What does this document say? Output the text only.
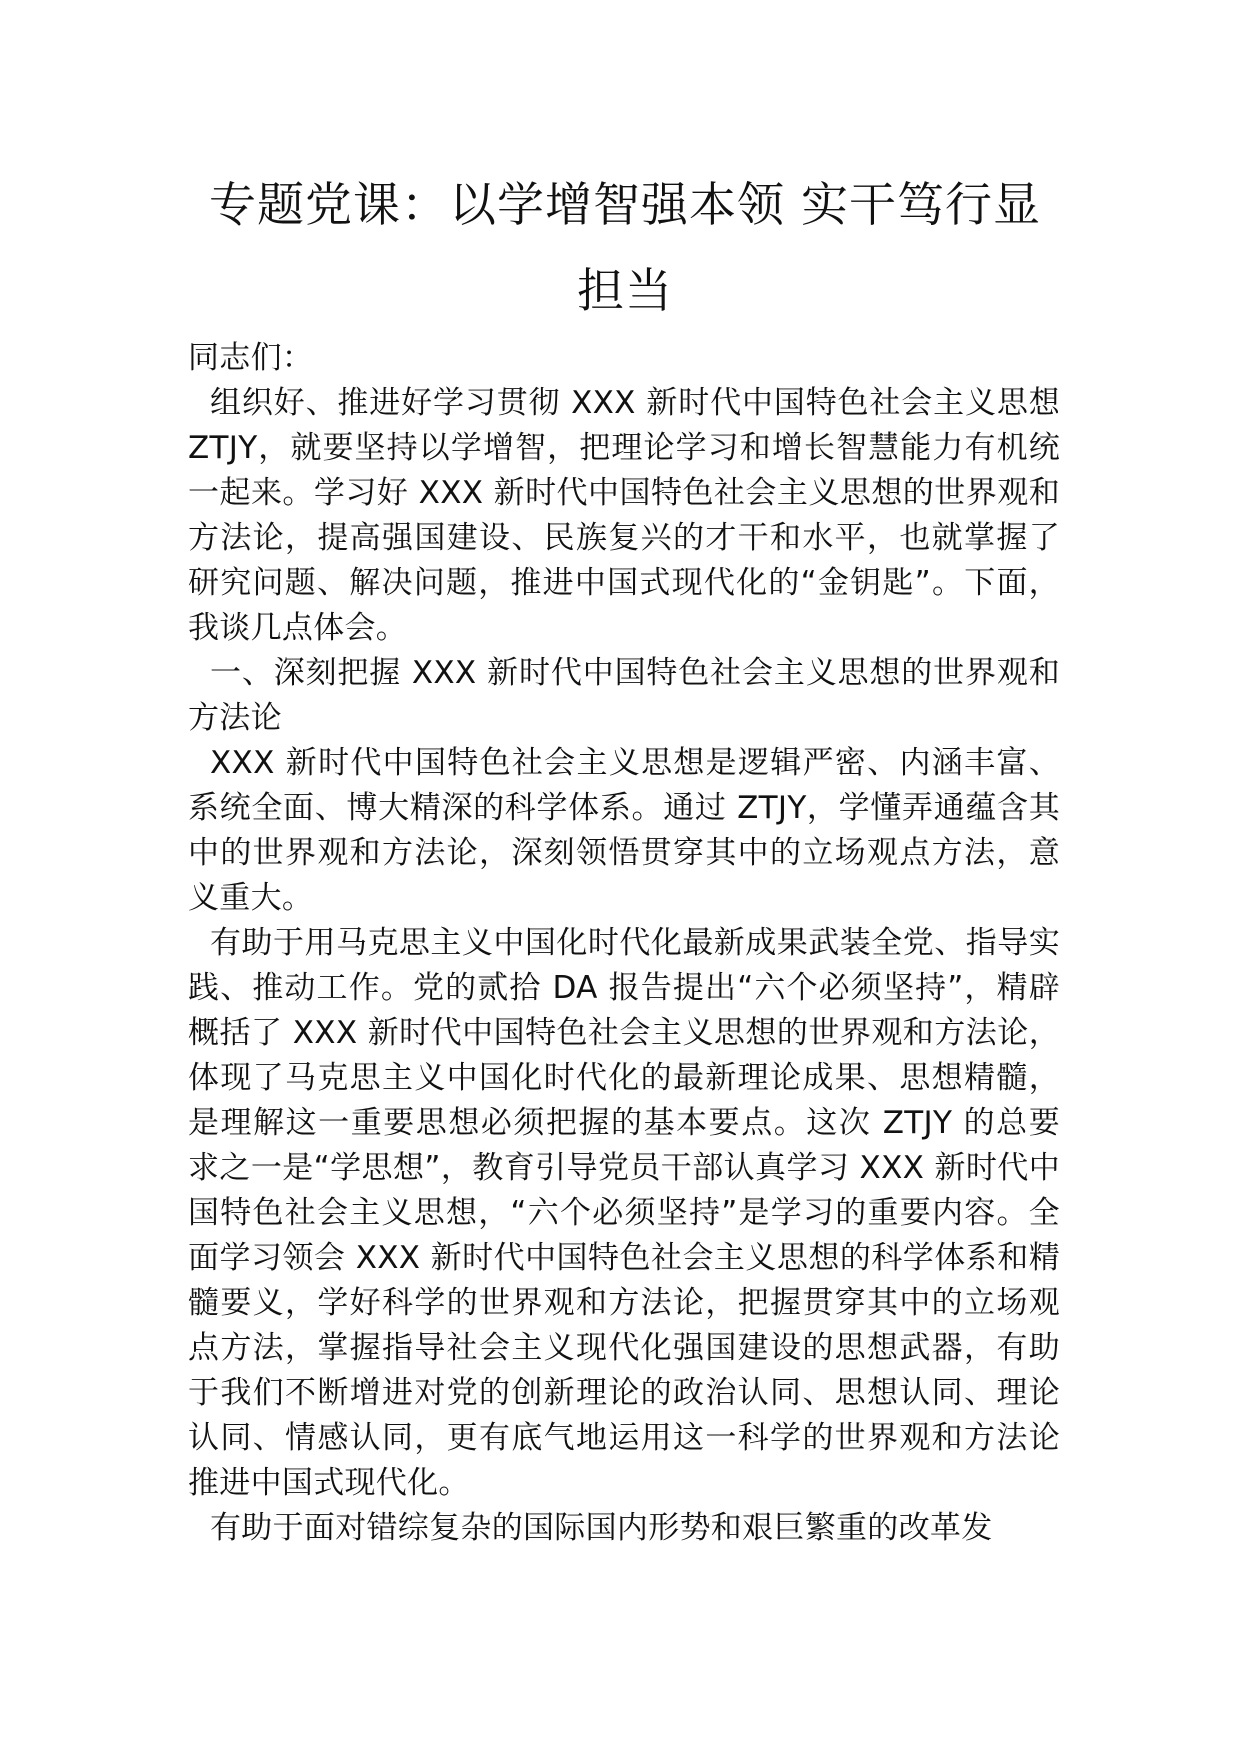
专题党课：以学增智强本领 实干笃行显担当

同志们：

组织好、推进好学习贯彻 XXX 新时代中国特色社会主义思想 ZTJY，就要坚持以学增智，把理论学习和增长智慧能力有机统一起来。学习好 XXX 新时代中国特色社会主义思想的世界观和方法论，提高强国建设、民族复兴的才干和水平，也就掌握了研究问题、解决问题，推进中国式现代化的“金钥匙”。下面，我谈几点体会。

一、深刻把握 XXX 新时代中国特色社会主义思想的世界观和方法论

XXX 新时代中国特色社会主义思想是逻辑严密、内涵丰富、系统全面、博大精深的科学体系。通过 ZTJY，学懂弄通蕴含其中的世界观和方法论，深刻领悟贯穿其中的立场观点方法，意义重大。

有助于用马克思主义中国化时代化最新成果武装全党、指导实践、推动工作。党的贰拾 DA 报告提出“六个必须坚持”，精辟概括了 XXX 新时代中国特色社会主义思想的世界观和方法论，体现了马克思主义中国化时代化的最新理论成果、思想精髓，是理解这一重要思想必须把握的基本要点。这次 ZTJY 的总要求之一是“学思想”，教育引导党员干部认真学习 XXX 新时代中国特色社会主义思想，“六个必须坚持”是学习的重要内容。全面学习领会 XXX 新时代中国特色社会主义思想的科学体系和精髓要义，学好科学的世界观和方法论，把握贯穿其中的立场观点方法，掌握指导社会主义现代化强国建设的思想武器，有助于我们不断增进对党的创新理论的政治认同、思想认同、理论认同、情感认同，更有底气地运用这一科学的世界观和方法论推进中国式现代化。

有助于面对错综复杂的国际国内形势和艰巨繁重的改革发
